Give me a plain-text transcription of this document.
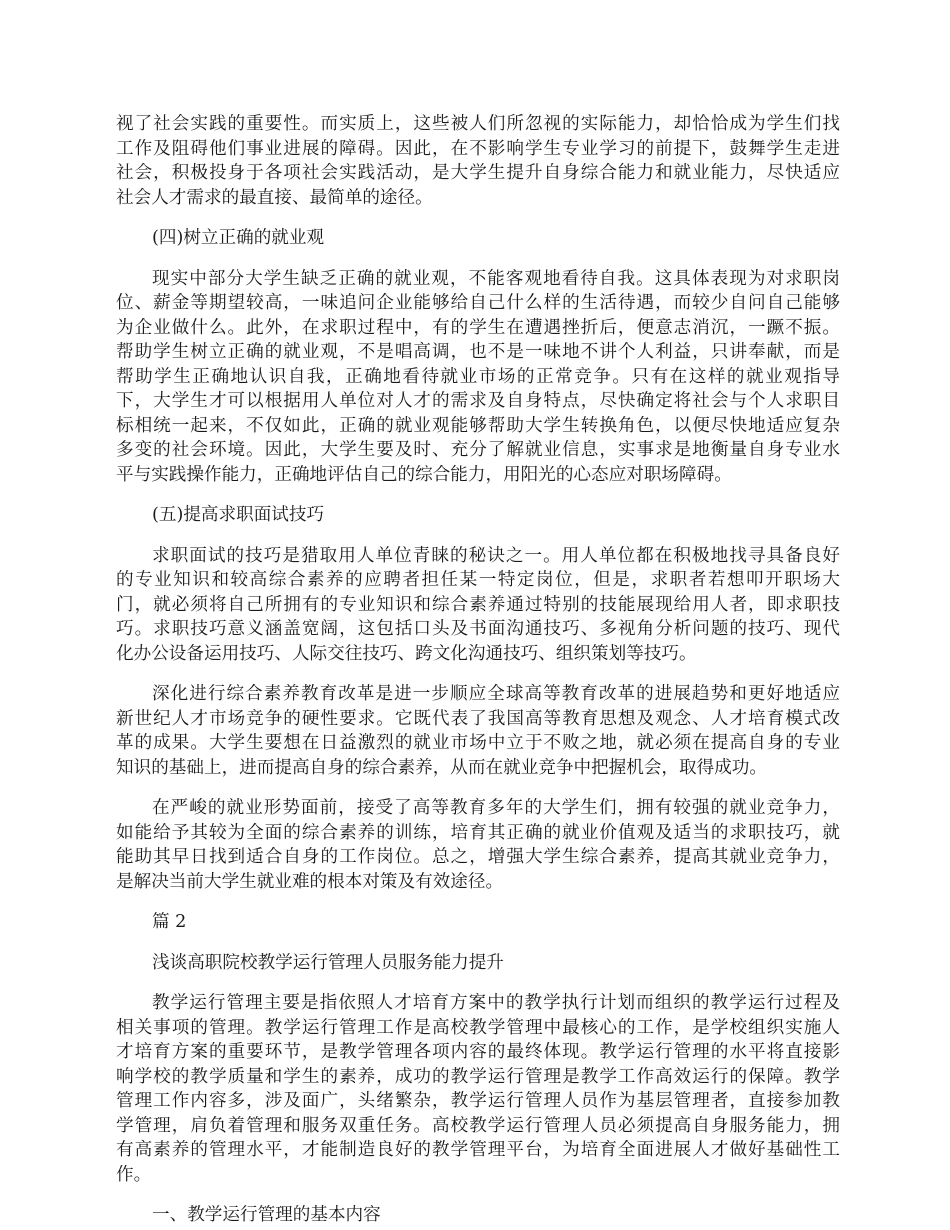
视了社会实践的重要性。而实质上，这些被人们所忽视的实际能力，却恰恰成为学生们找
工作及阻碍他们事业进展的障碍。因此，在不影响学生专业学习的前提下，鼓舞学生走进
社会，积极投身于各项社会实践活动，是大学生提升自身综合能力和就业能力，尽快适应
社会人才需求的最直接、最简单的途径。
(四)树立正确的就业观
现实中部分大学生缺乏正确的就业观，不能客观地看待自我。这具体表现为对求职岗
位、薪金等期望较高，一味追问企业能够给自己什么样的生活待遇，而较少自问自己能够
为企业做什么。此外，在求职过程中，有的学生在遭遇挫折后，便意志消沉，一蹶不振。
帮助学生树立正确的就业观，不是唱高调，也不是一味地不讲个人利益，只讲奉献，而是
帮助学生正确地认识自我，正确地看待就业市场的正常竞争。只有在这样的就业观指导
下，大学生才可以根据用人单位对人才的需求及自身特点，尽快确定将社会与个人求职目
标相统一起来，不仅如此，正确的就业观能够帮助大学生转换角色，以便尽快地适应复杂
多变的社会环境。因此，大学生要及时、充分了解就业信息，实事求是地衡量自身专业水
平与实践操作能力，正确地评估自己的综合能力，用阳光的心态应对职场障碍。
(五)提高求职面试技巧
求职面试的技巧是猎取用人单位青睐的秘诀之一。用人单位都在积极地找寻具备良好
的专业知识和较高综合素养的应聘者担任某一特定岗位，但是，求职者若想叩开职场大
门，就必须将自己所拥有的专业知识和综合素养通过特别的技能展现给用人者，即求职技
巧。求职技巧意义涵盖宽阔，这包括口头及书面沟通技巧、多视角分析问题的技巧、现代
化办公设备运用技巧、人际交往技巧、跨文化沟通技巧、组织策划等技巧。
深化进行综合素养教育改革是进一步顺应全球高等教育改革的进展趋势和更好地适应
新世纪人才市场竞争的硬性要求。它既代表了我国高等教育思想及观念、人才培育模式改
革的成果。大学生要想在日益激烈的就业市场中立于不败之地，就必须在提高自身的专业
知识的基础上，进而提高自身的综合素养，从而在就业竞争中把握机会，取得成功。
在严峻的就业形势面前，接受了高等教育多年的大学生们，拥有较强的就业竞争力，
如能给予其较为全面的综合素养的训练，培育其正确的就业价值观及适当的求职技巧，就
能助其早日找到适合自身的工作岗位。总之，增强大学生综合素养，提高其就业竞争力，
是解决当前大学生就业难的根本对策及有效途径。
篇 2
浅谈高职院校教学运行管理人员服务能力提升
教学运行管理主要是指依照人才培育方案中的教学执行计划而组织的教学运行过程及
相关事项的管理。教学运行管理工作是高校教学管理中最核心的工作，是学校组织实施人
才培育方案的重要环节，是教学管理各项内容的最终体现。教学运行管理的水平将直接影
响学校的教学质量和学生的素养，成功的教学运行管理是教学工作高效运行的保障。教学
管理工作内容多，涉及面广，头绪繁杂，教学运行管理人员作为基层管理者，直接参加教
学管理，肩负着管理和服务双重任务。高校教学运行管理人员必须提高自身服务能力，拥
有高素养的管理水平，才能制造良好的教学管理平台，为培育全面进展人才做好基础性工
作。
一、教学运行管理的基本内容
